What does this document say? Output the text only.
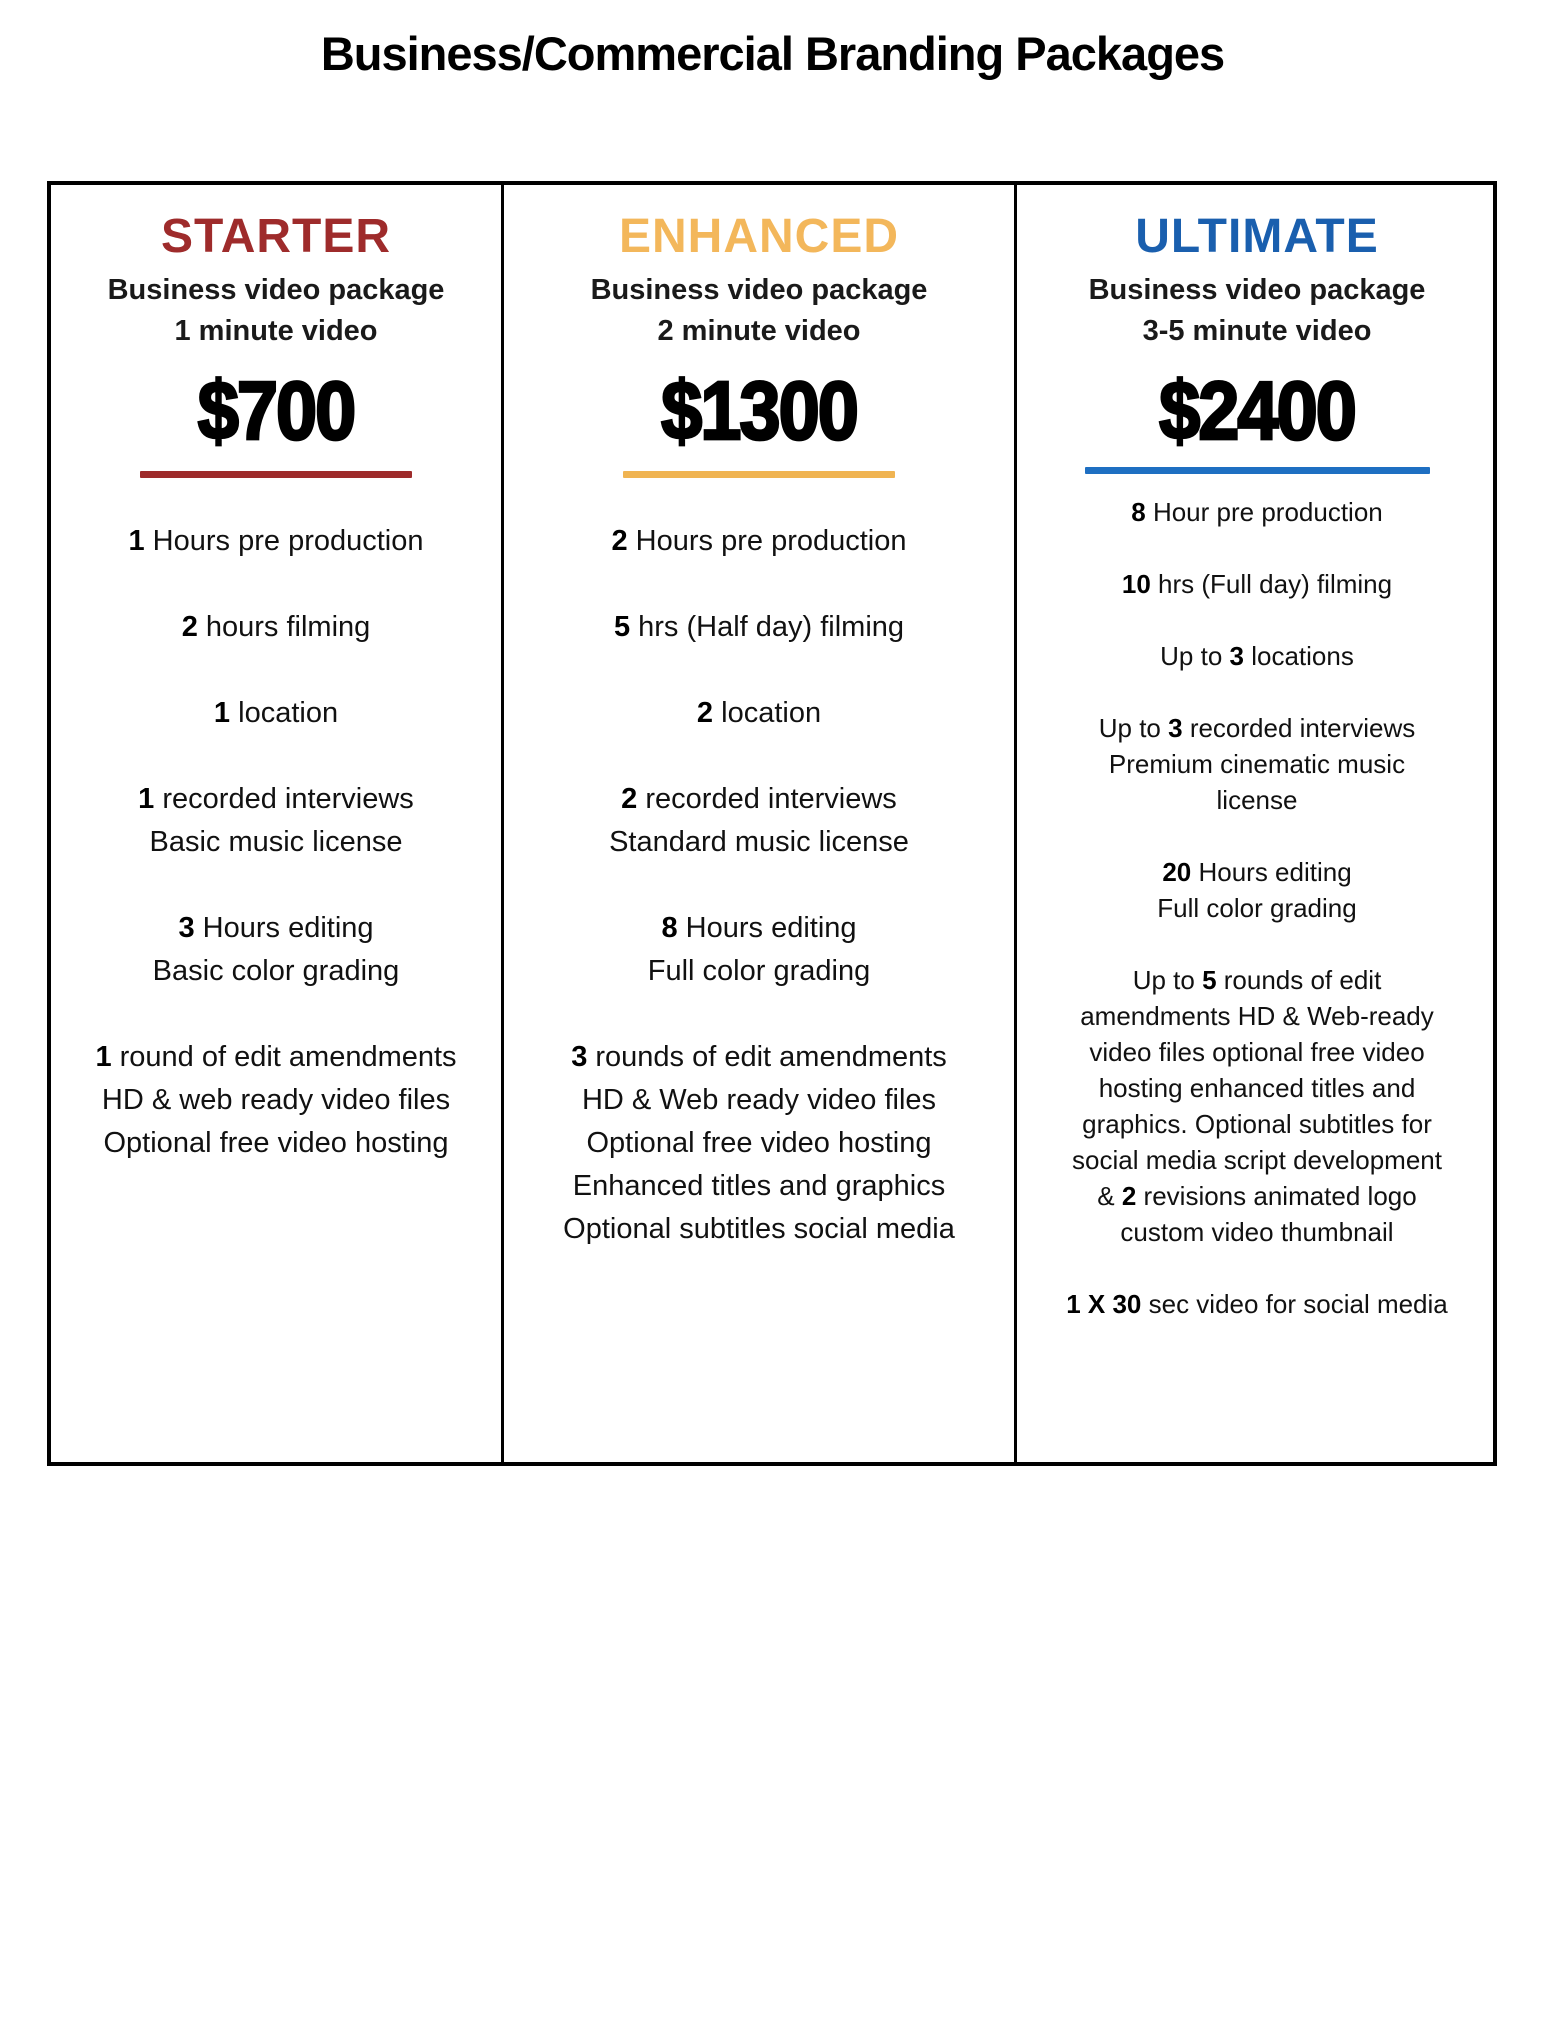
Business/Commercial Branding Packages
STARTER
Business video package
1 minute video
$700
1 Hours pre production
2 hours filming
1 location
1 recorded interviews
Basic music license
3 Hours editing
Basic color grading
1 round of edit amendments
HD & web ready video files
Optional free video hosting
ENHANCED
Business video package
2 minute video
$1300
2 Hours pre production
5 hrs (Half day) filming
2 location
2 recorded interviews
Standard music license
8 Hours editing
Full color grading
3 rounds of edit amendments
HD & Web ready video files
Optional free video hosting
Enhanced titles and graphics
Optional subtitles social media
ULTIMATE
Business video package
3-5 minute video
$2400
8 Hour pre production
10 hrs (Full day) filming
Up to 3 locations
Up to 3 recorded interviews
Premium cinematic music
license
20 Hours editing
Full color grading
Up to 5 rounds of edit
amendments HD & Web-ready
video files optional free video
hosting enhanced titles and
graphics. Optional subtitles for
social media script development
& 2 revisions animated logo
custom video thumbnail
1 X 30 sec video for social media
